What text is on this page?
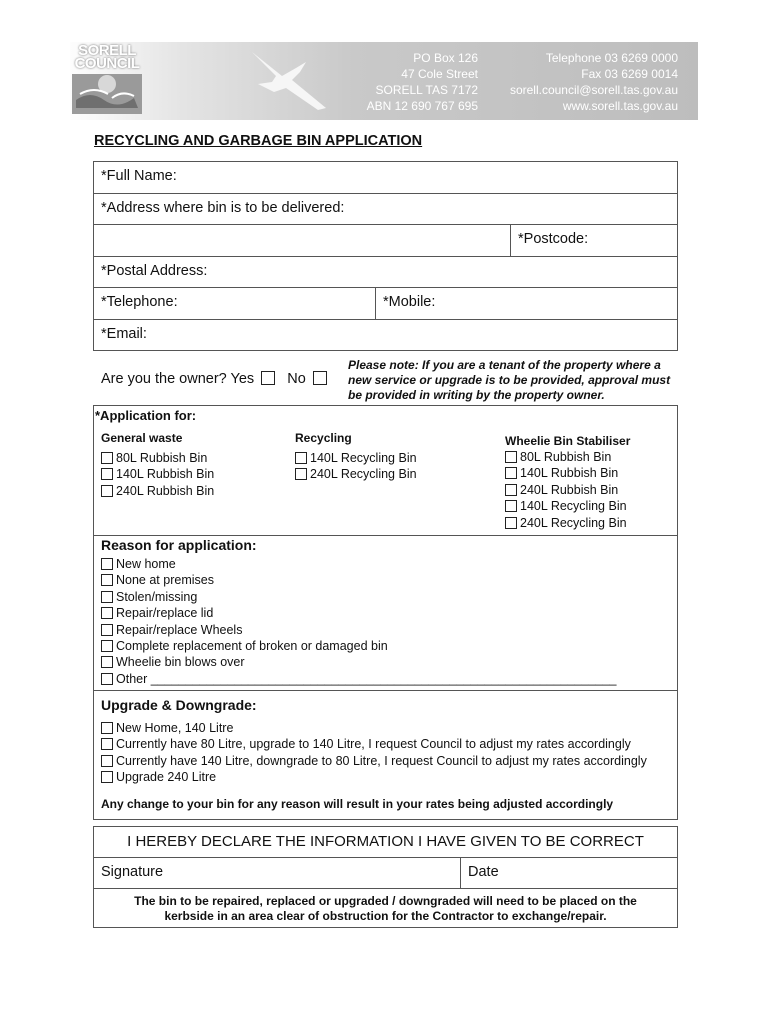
SORELL
COUNCIL	PO Box 126
47 Cole Street
SORELL TAS 7172
ABN 12 690 767 695
Telephone 03 6269 0000
Fax 03 6269 0014
sorell.council@sorell.tas.gov.au
www.sorell.tas.gov.au
RECYCLING AND GARBAGE BIN APPLICATION
*Full Name:
*Address where bin is to be delivered:
*Postcode:
*Postal Address:
*Telephone:	*Mobile:
*Email:
Are you the owner? Yes No
Please note: If you are a tenant of the property where a new service or upgrade is to be provided, approval must be provided in writing by the property owner.
*Application for:
General waste
80L Rubbish Bin
140L Rubbish Bin
240L Rubbish Bin
Recycling
140L Recycling Bin
240L Recycling Bin
Wheelie Bin Stabiliser
80L Rubbish Bin
140L Rubbish Bin
240L Rubbish Bin
140L Recycling Bin
240L Recycling Bin
Reason for application:
New home
None at premises
Stolen/missing
Repair/replace lid
Repair/replace Wheels
Complete replacement of broken or damaged bin
Wheelie bin blows over
Other ___________________________________________________________________
Upgrade & Downgrade:
New Home, 140 Litre
Currently have 80 Litre, upgrade to 140 Litre, I request Council to adjust my rates accordingly
Currently have 140 Litre, downgrade to 80 Litre, I request Council to adjust my rates accordingly
Upgrade 240 Litre
Any change to your bin for any reason will result in your rates being adjusted accordingly
I HEREBY DECLARE THE INFORMATION I HAVE GIVEN TO BE CORRECT
Signature	Date
The bin to be repaired, replaced or upgraded / downgraded will need to be placed on the
kerbside in an area clear of obstruction for the Contractor to exchange/repair.
